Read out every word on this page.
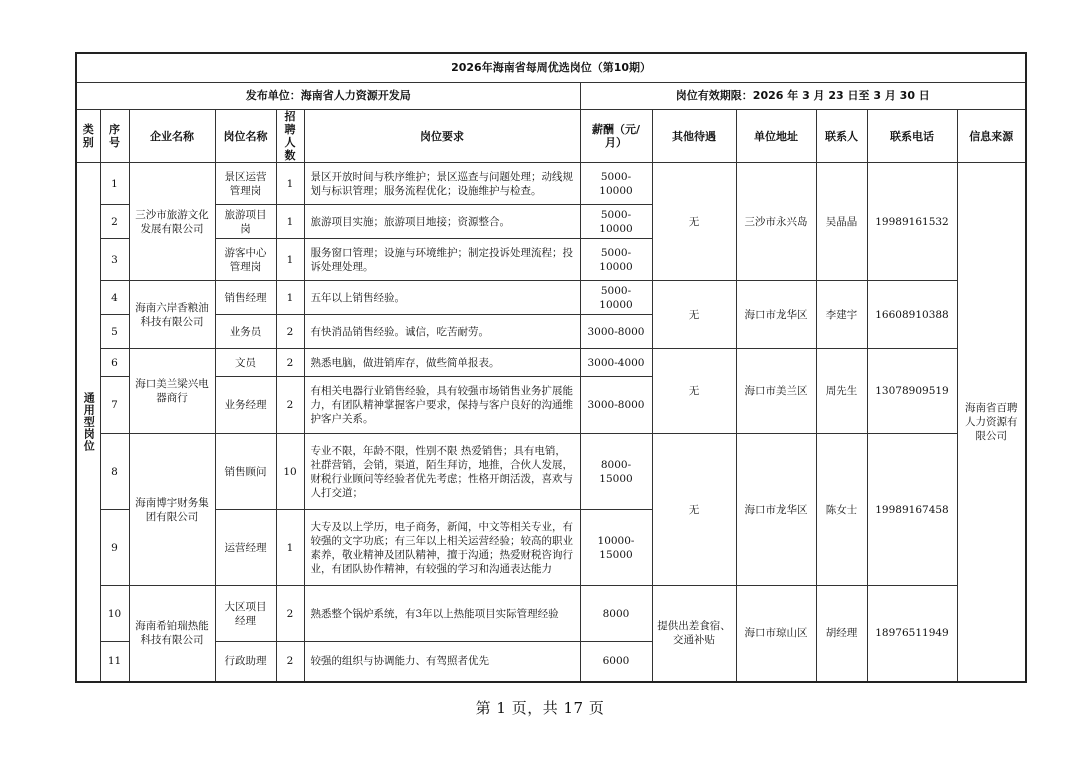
2026年海南省每周优选岗位（第10期）											
发布单位：海南省人力资源开发局						岗位有效期限：2026 年 3 月 23 日至 3 月 30 日					
类别	序号	企业名称	岗位名称	招聘人数	岗位要求	薪酬（元/月）	其他待遇	单位地址	联系人	联系电话	信息来源

通用型岗位	1	三沙市旅游文化发展有限公司	景区运营管理岗	1	景区开放时间与秩序维护；景区巡查与问题处理；动线规划与标识管理；服务流程优化；设施维护与检查。	5000-10000	无	三沙市永兴岛	吴晶晶	19989161532	海南省百聘人力资源有限公司
	2		旅游项目岗	1	旅游项目实施；旅游项目地接；资源整合。	5000-10000					
	3		游客中心管理岗	1	服务窗口管理；设施与环境维护；制定投诉处理流程；投诉处理处理。	5000-10000					
	4	海南六岸香粮油科技有限公司	销售经理	1	五年以上销售经验。	5000-10000	无	海口市龙华区	李建宇	16608910388	
	5		业务员	2	有快消品销售经验。诚信，吃苦耐劳。	3000-8000					
	6	海口美兰梁兴电器商行	文员	2	熟悉电脑，做进销库存，做些简单报表。	3000-4000	无	海口市美兰区	周先生	13078909519	
	7		业务经理	2	有相关电器行业销售经验，具有较强市场销售业务扩展能力，有团队精神掌握客户要求，保持与客户良好的沟通维护客户关系。	3000-8000					
	8	海南博宇财务集团有限公司	销售顾问	10	专业不限，年龄不限，性别不限 热爱销售；具有电销，社群营销，会销，渠道，陌生拜访，地推，合伙人发展，财税行业顾问等经验者优先考虑；性格开朗活泼，喜欢与人打交道；	8000-15000	无	海口市龙华区	陈女士	19989167458	
	9		运营经理	1	大专及以上学历，电子商务，新闻，中文等相关专业，有较强的文字功底；有三年以上相关运营经验；较高的职业素养，敬业精神及团队精神，擅于沟通；热爱财税咨询行业，有团队协作精神，有较强的学习和沟通表达能力	10000-15000					
	10	海南希铂瑞热能科技有限公司	大区项目经理	2	熟悉整个锅炉系统，有3年以上热能项目实际管理经验	8000	提供出差食宿、交通补贴	海口市琼山区	胡经理	18976511949	
	11		行政助理	2	较强的组织与协调能力、有驾照者优先	6000					
第 1 页，共 17 页
